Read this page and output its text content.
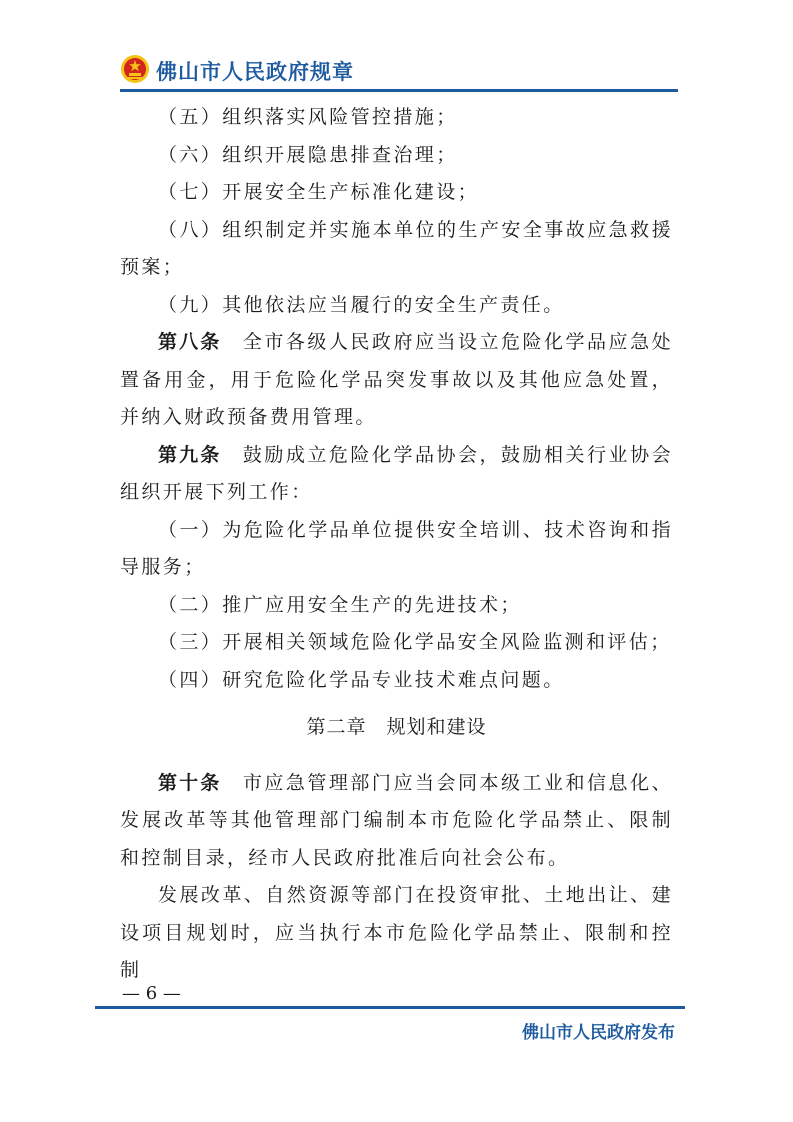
佛山市人民政府规章

（五）组织落实风险管控措施；

（六）组织开展隐患排查治理；

（七）开展安全生产标准化建设；

（八）组织制定并实施本单位的生产安全事故应急救援预案；

（九）其他依法应当履行的安全生产责任。

第八条　 全市各级人民政府应当设立危险化学品应急处置备用金，用于危险化学品突发事故以及其他应急处置，并纳入财政预备费用管理。

第九条　 鼓励成立危险化学品协会，鼓励相关行业协会组织开展下列工作：

（一）为危险化学品单位提供安全培训、技术咨询和指导服务；

（二）推广应用安全生产的先进技术；

（三）开展相关领域危险化学品安全风险监测和评估；

（四）研究危险化学品专业技术难点问题。

第二章　规划和建设

第十条　 市应急管理部门应当会同本级工业和信息化、发展改革等其他管理部门编制本市危险化学品禁止、限制和控制目录，经市人民政府批准后向社会公布。

发展改革、自然资源等部门在投资审批、土地出让、建设项目规划时，应当执行本市危险化学品禁止、限制和控制

— 6 —
佛山市人民政府发布
